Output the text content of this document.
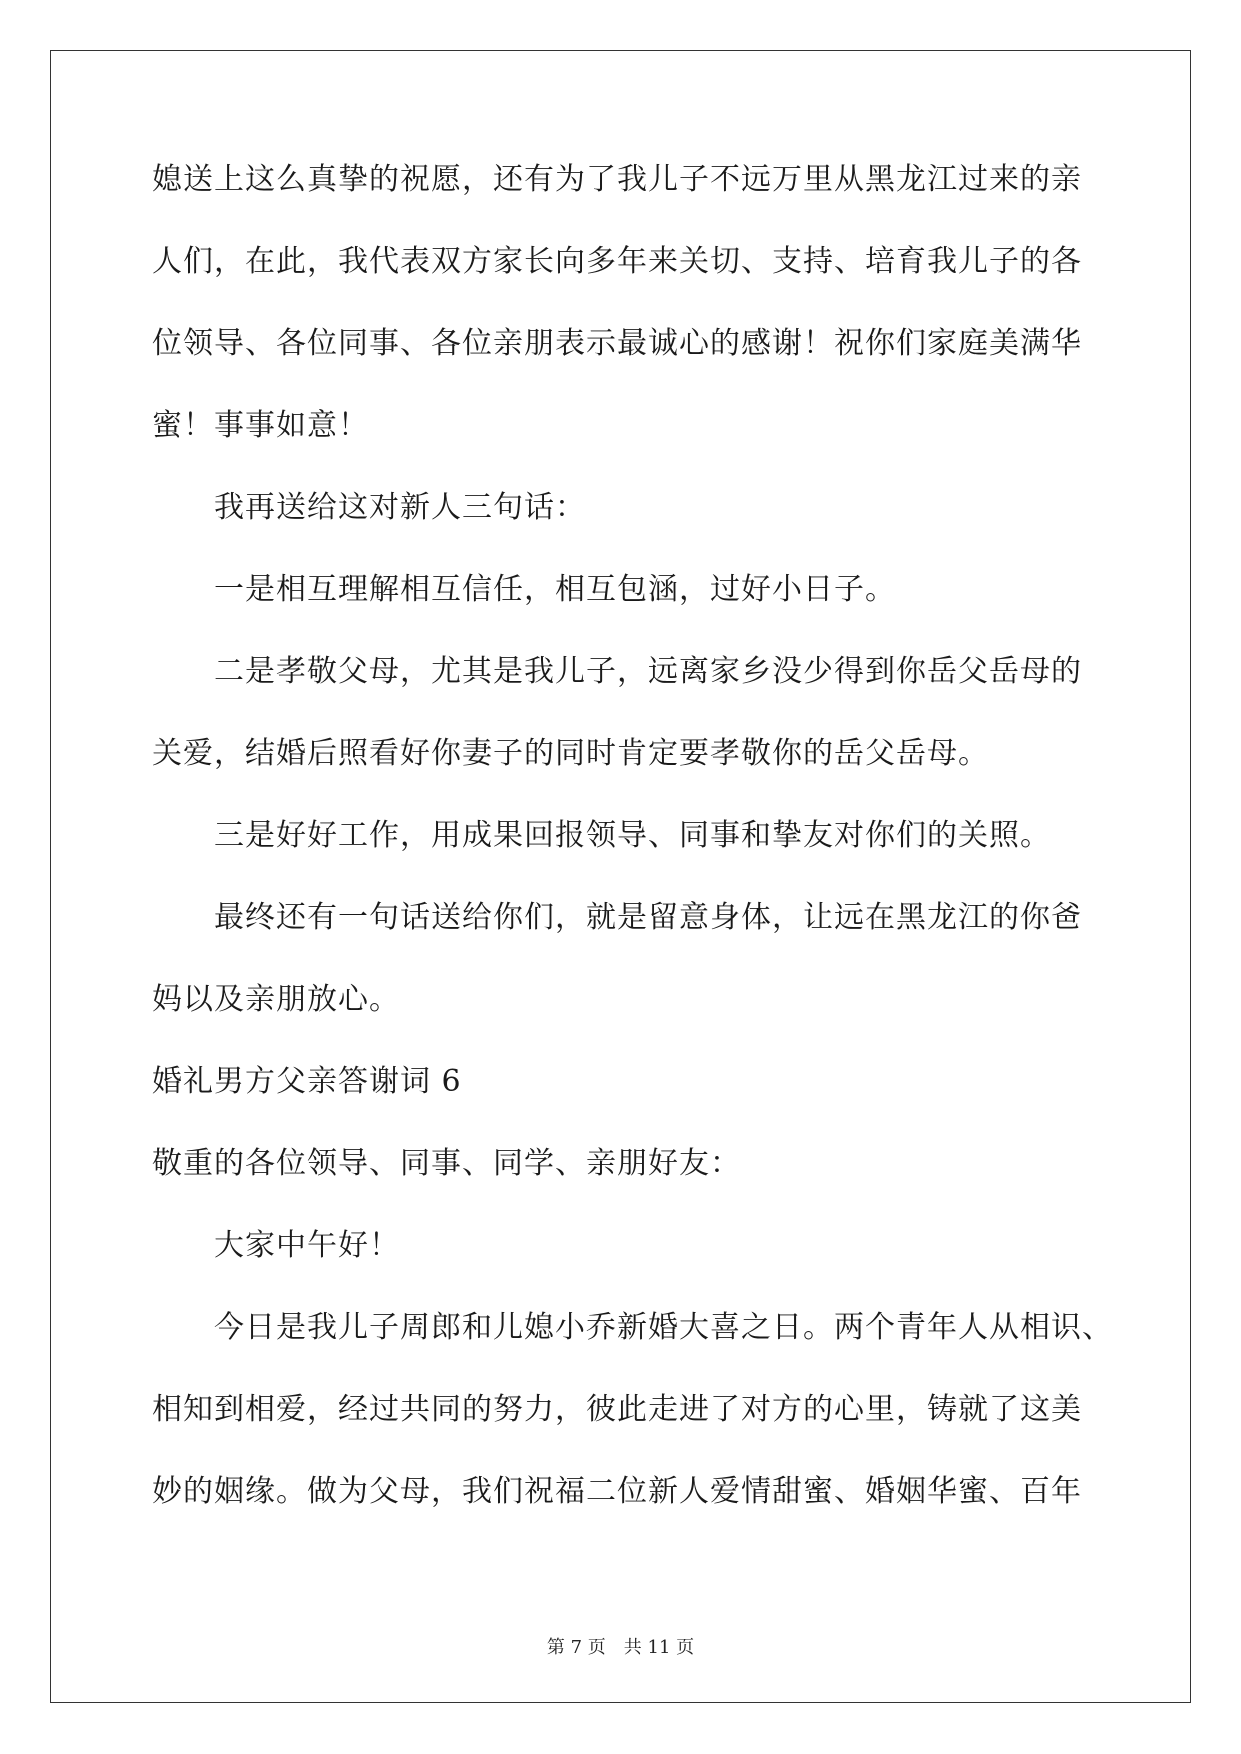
媳送上这么真挚的祝愿，还有为了我儿子不远万里从黑龙江过来的亲
人们，在此，我代表双方家长向多年来关切、支持、培育我儿子的各
位领导、各位同事、各位亲朋表示最诚心的感谢！祝你们家庭美满华
蜜！事事如意！
我再送给这对新人三句话：
一是相互理解相互信任，相互包涵，过好小日子。
二是孝敬父母，尤其是我儿子，远离家乡没少得到你岳父岳母的
关爱，结婚后照看好你妻子的同时肯定要孝敬你的岳父岳母。
三是好好工作，用成果回报领导、同事和挚友对你们的关照。
最终还有一句话送给你们，就是留意身体，让远在黑龙江的你爸
妈以及亲朋放心。
婚礼男方父亲答谢词 6
敬重的各位领导、同事、同学、亲朋好友：
大家中午好！
今日是我儿子周郎和儿媳小乔新婚大喜之日。两个青年人从相识、
相知到相爱，经过共同的努力，彼此走进了对方的心里，铸就了这美
妙的姻缘。做为父母，我们祝福二位新人爱情甜蜜、婚姻华蜜、百年
第 7 页 共 11 页
